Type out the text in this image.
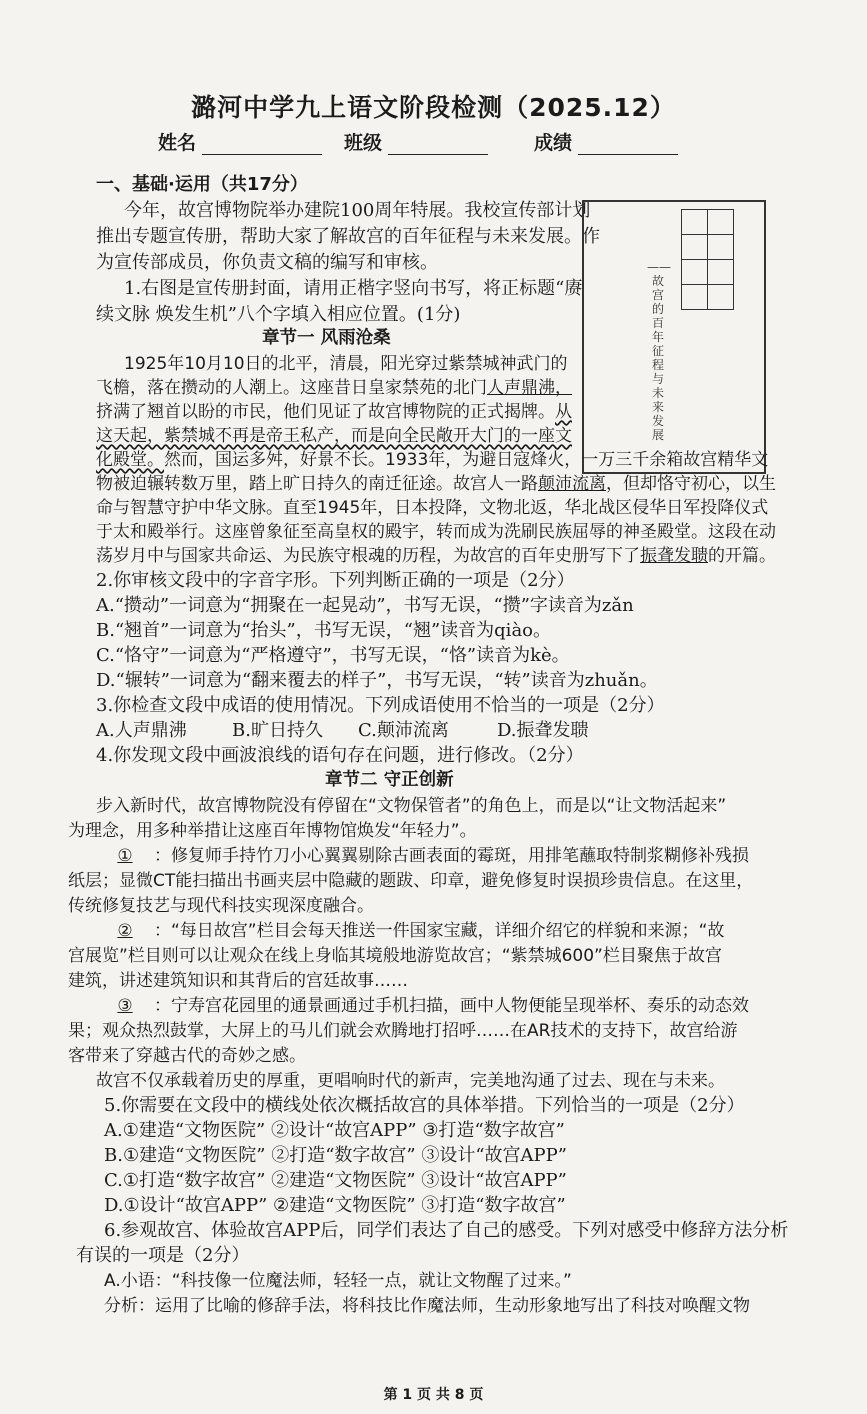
潞河中学九上语文阶段检测（2025.12）
姓名	班级	成绩
一、基础·运用（共17分）
今年，故宫博物院举办建院100周年特展。我校宣传部计划
推出专题宣传册，帮助大家了解故宫的百年征程与未来发展。作
为宣传部成员，你负责文稿的编写和审核。
1.右图是宣传册封面，请用正楷字竖向书写，将正标题“赓
续文脉 焕发生机”八个字填入相应位置。(1分)

——故宫的百年征程与未来发展
章节一 风雨沧桑
1925年10月10日的北平，清晨，阳光穿过紫禁城神武门的
飞檐，落在攒动的人潮上。这座昔日皇家禁苑的北门人声鼎沸，
挤满了翘首以盼的市民，他们见证了故宫博物院的正式揭牌。从
这天起，紫禁城不再是帝王私产，而是向全民敞开大门的一座文
化殿堂。然而，国运多舛，好景不长。1933年，为避日寇烽火，一万三千余箱故宫精华文
物被迫辗转数万里，踏上旷日持久的南迁征途。故宫人一路颠沛流离，但却恪守初心，以生
命与智慧守护中华文脉。直至1945年，日本投降，文物北返，华北战区侵华日军投降仪式
于太和殿举行。这座曾象征至高皇权的殿宇，转而成为洗刷民族屈辱的神圣殿堂。这段在动
荡岁月中与国家共命运、为民族守根魂的历程，为故宫的百年史册写下了振聋发聩的开篇。
2.你审核文段中的字音字形。下列判断正确的一项是（2分）
A.“攒动”一词意为“拥聚在一起晃动”，书写无误，“攒”字读音为zǎn
B.“翘首”一词意为“抬头”，书写无误，“翘”读音为qiào。
C.“恪守”一词意为“严格遵守”，书写无误，“恪”读音为kè。
D.“辗转”一词意为“翻来覆去的样子”，书写无误，“转”读音为zhuǎn。
3.你检查文段中成语的使用情况。下列成语使用不恰当的一项是（2分）
A.人声鼎沸	B.旷日持久 C.颠沛流离	D.振聋发聩
4.你发现文段中画波浪线的语句存在问题，进行修改。（2分）
章节二 守正创新
步入新时代，故宫博物院没有停留在“文物保管者”的角色上，而是以“让文物活起来”
为理念，用多种举措让这座百年博物馆焕发“年轻力”。
① ：修复师手持竹刀小心翼翼剔除古画表面的霉斑，用排笔蘸取特制浆糊修补残损
纸层；显微CT能扫描出书画夹层中隐藏的题跋、印章，避免修复时误损珍贵信息。在这里，
传统修复技艺与现代科技实现深度融合。
② ：“每日故宫”栏目会每天推送一件国家宝藏，详细介绍它的样貌和来源；“故
宫展览”栏目则可以让观众在线上身临其境般地游览故宫；“紫禁城600”栏目聚焦于故宫
建筑，讲述建筑知识和其背后的宫廷故事……
③ ：宁寿宫花园里的通景画通过手机扫描，画中人物便能呈现举杯、奏乐的动态效
果；观众热烈鼓掌，大屏上的马儿们就会欢腾地打招呼……在AR技术的支持下，故宫给游
客带来了穿越古代的奇妙之感。
故宫不仅承载着历史的厚重，更唱响时代的新声，完美地沟通了过去、现在与未来。
5.你需要在文段中的横线处依次概括故宫的具体举措。下列恰当的一项是（2分）
A.①建造“文物医院” ②设计“故宫APP” ③打造“数字故宫”
B.①建造“文物医院” ②打造“数字故宫” ③设计“故宫APP”
C.①打造“数字故宫” ②建造“文物医院” ③设计“故宫APP”
D.①设计“故宫APP” ②建造“文物医院” ③打造“数字故宫”
6.参观故宫、体验故宫APP后，同学们表达了自己的感受。下列对感受中修辞方法分析
有误的一项是（2分）
A.小语：“科技像一位魔法师，轻轻一点，就让文物醒了过来。”
分析：运用了比喻的修辞手法，将科技比作魔法师，生动形象地写出了科技对唤醒文物
第 1 页 共 8 页
